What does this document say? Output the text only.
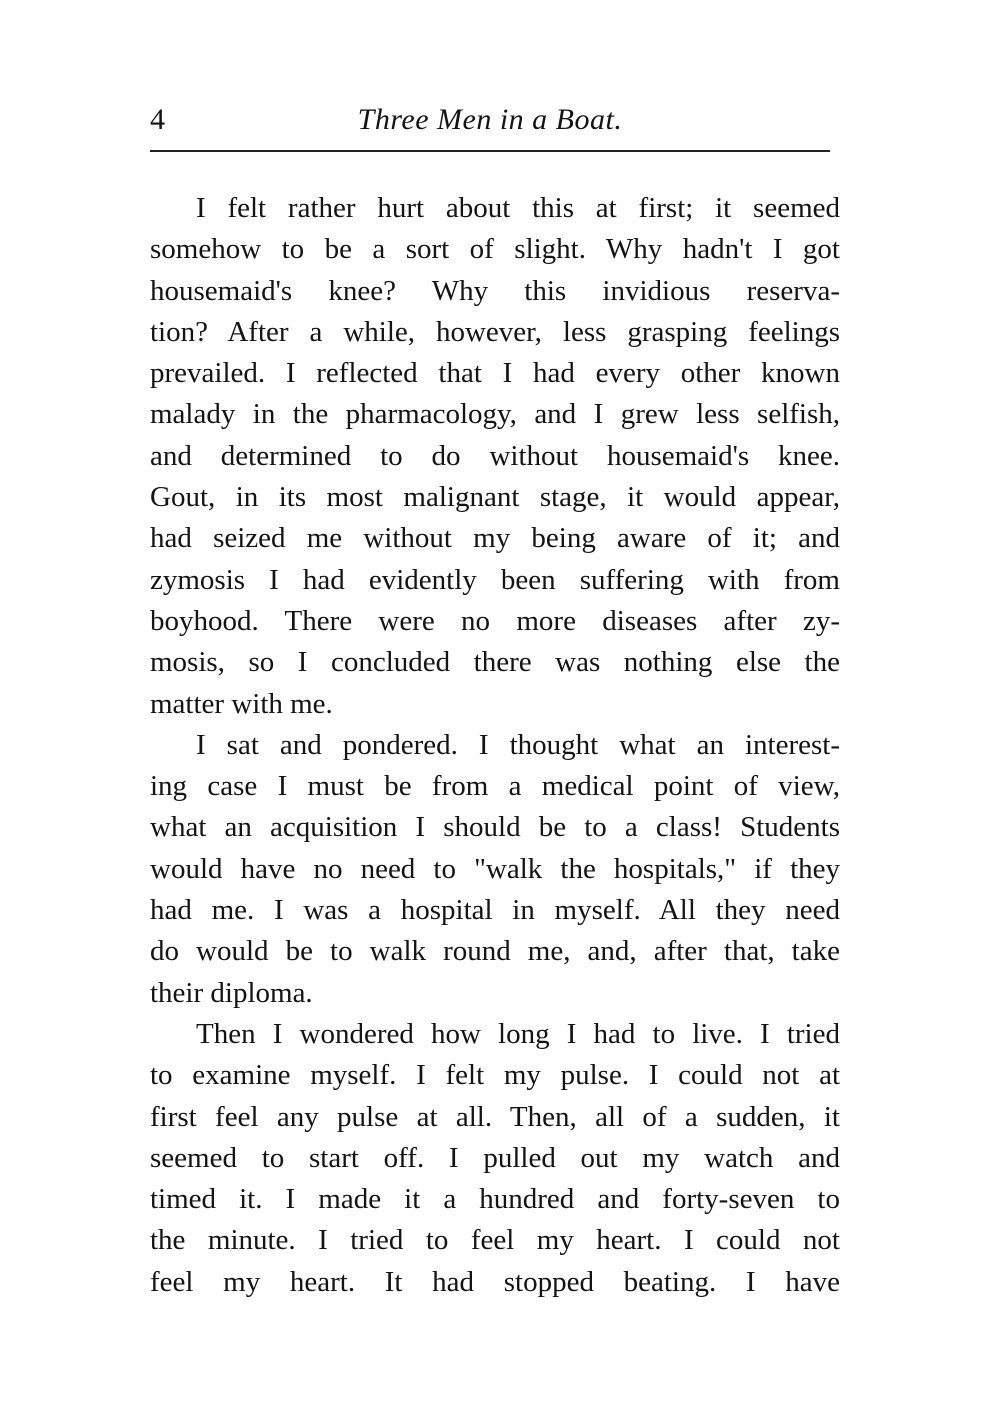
4	Three Men in a Boat.
I felt rather hurt about this at first; it seemed
somehow to be a sort of slight. Why hadn't I got
housemaid's knee? Why this invidious reserva-
tion? After a while, however, less grasping feelings
prevailed. I reflected that I had every other known
malady in the pharmacology, and I grew less selfish,
and determined to do without housemaid's knee.
Gout, in its most malignant stage, it would appear,
had seized me without my being aware of it; and
zymosis I had evidently been suffering with from
boyhood. There were no more diseases after zy-
mosis, so I concluded there was nothing else the
matter with me.
I sat and pondered. I thought what an interest-
ing case I must be from a medical point of view,
what an acquisition I should be to a class! Students
would have no need to "walk the hospitals," if they
had me. I was a hospital in myself. All they need
do would be to walk round me, and, after that, take
their diploma.
Then I wondered how long I had to live. I tried
to examine myself. I felt my pulse. I could not at
first feel any pulse at all. Then, all of a sudden, it
seemed to start off. I pulled out my watch and
timed it. I made it a hundred and forty-seven to
the minute. I tried to feel my heart. I could not
feel my heart. It had stopped beating. I have
